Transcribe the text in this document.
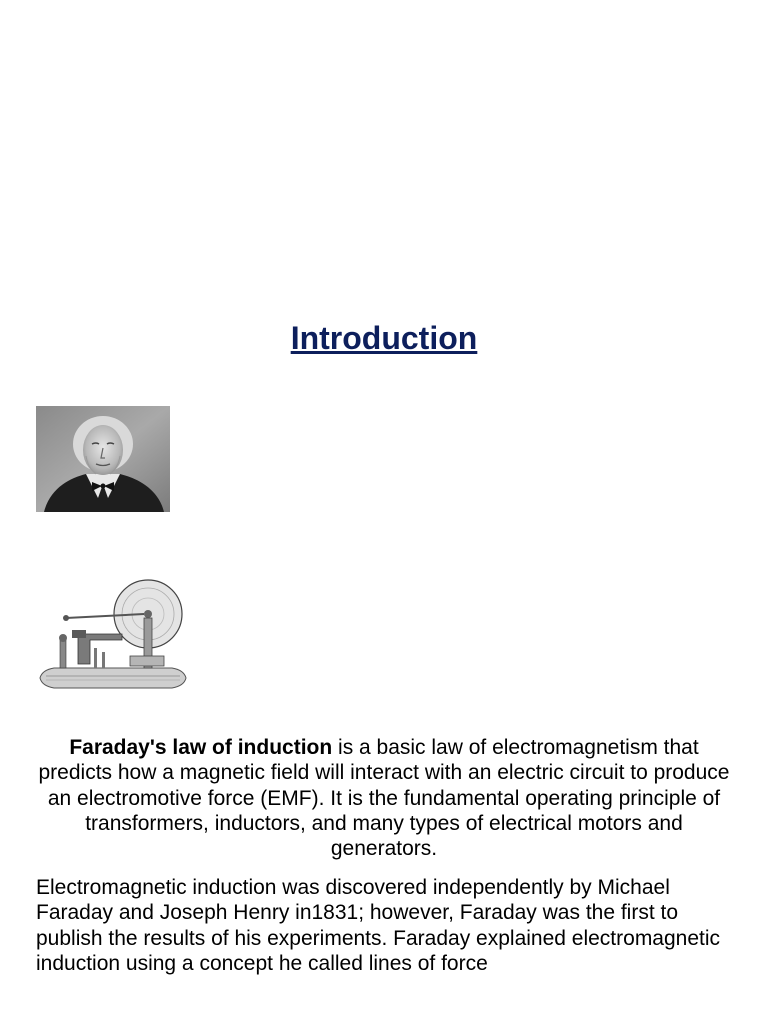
Introduction
Faraday's law of induction is a basic law of electromagnetism that predicts how a magnetic field will interact with an electric circuit to produce an electromotive force (EMF). It is the fundamental operating principle of transformers, inductors, and many types of electrical motors and generators.
Electromagnetic induction was discovered independently by Michael Faraday and Joseph Henry in1831; however, Faraday was the first to publish the results of his experiments. Faraday explained electromagnetic induction using a concept he called lines of force
